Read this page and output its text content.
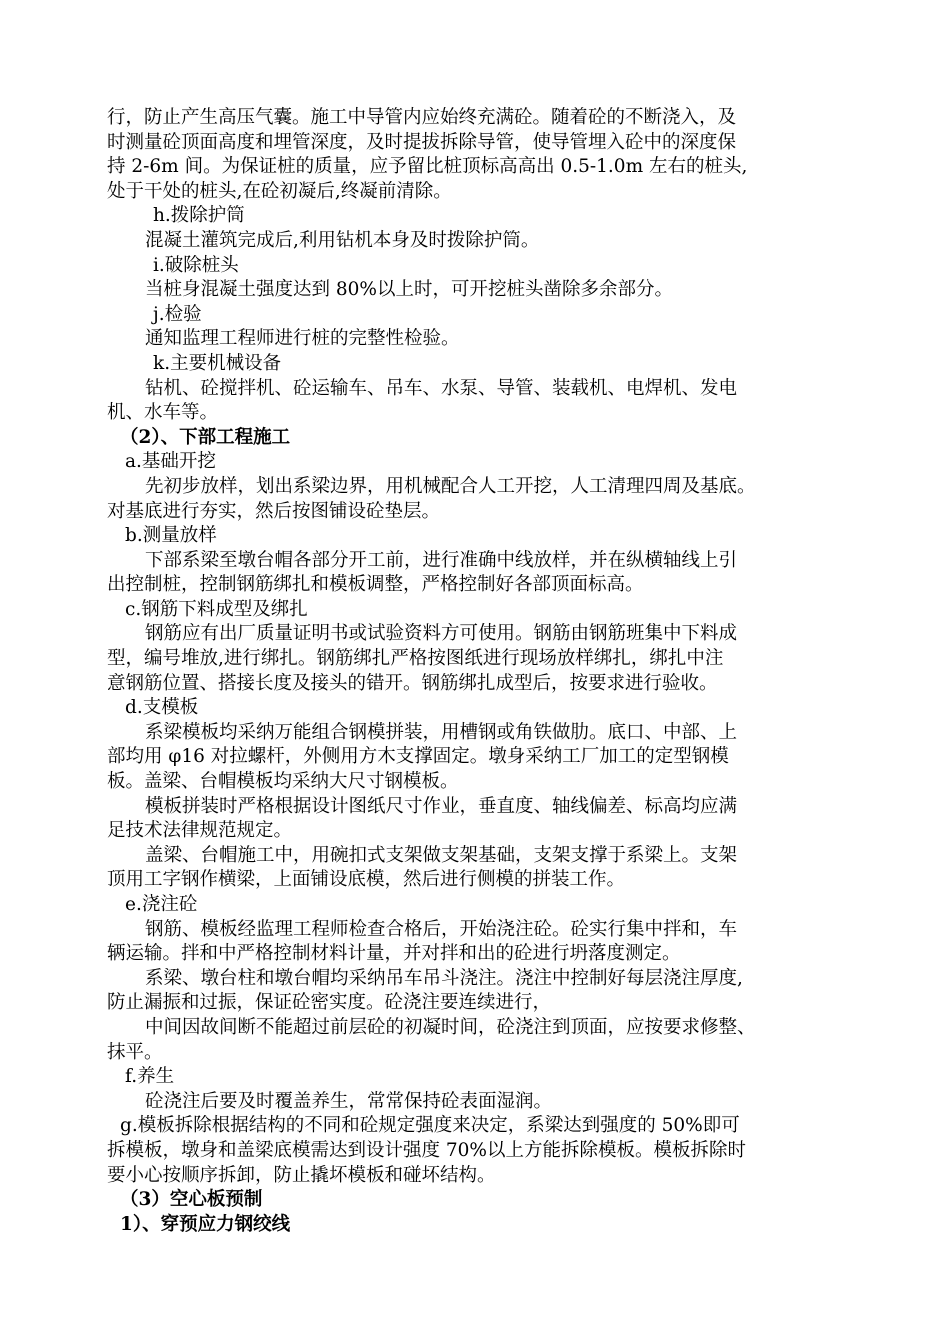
行，防止产生高压气囊。施工中导管内应始终充满砼。随着砼的不断浇入，及
时测量砼顶面高度和埋管深度，及时提拔拆除导管，使导管埋入砼中的深度保
持 2-6m 间。为保证桩的质量，应予留比桩顶标高高出 0.5-1.0m 左右的桩头,
处于干处的桩头,在砼初凝后,终凝前清除。
h.拨除护筒
混凝土灌筑完成后,利用钻机本身及时拨除护筒。
i.破除桩头
当桩身混凝土强度达到 80%以上时，可开挖桩头凿除多余部分。
j.检验
通知监理工程师进行桩的完整性检验。
k.主要机械设备
钻机、砼搅拌机、砼运输车、吊车、水泵、导管、装载机、电焊机、发电
机、水车等。
（2）、下部工程施工
a.基础开挖
先初步放样，划出系梁边界，用机械配合人工开挖，人工清理四周及基底。
对基底进行夯实，然后按图铺设砼垫层。
b.测量放样
下部系梁至墩台帽各部分开工前，进行准确中线放样，并在纵横轴线上引
出控制桩，控制钢筋绑扎和模板调整，严格控制好各部顶面标高。
c.钢筋下料成型及绑扎
钢筋应有出厂质量证明书或试验资料方可使用。钢筋由钢筋班集中下料成
型，编号堆放,进行绑扎。钢筋绑扎严格按图纸进行现场放样绑扎，绑扎中注
意钢筋位置、搭接长度及接头的错开。钢筋绑扎成型后，按要求进行验收。
d.支模板
系梁模板均采纳万能组合钢模拼装，用槽钢或角铁做肋。底口、中部、上
部均用 φ16 对拉螺杆，外侧用方木支撑固定。墩身采纳工厂加工的定型钢模
板。盖梁、台帽模板均采纳大尺寸钢模板。
模板拼装时严格根据设计图纸尺寸作业，垂直度、轴线偏差、标高均应满
足技术法律规范规定。
盖梁、台帽施工中，用碗扣式支架做支架基础，支架支撑于系梁上。支架
顶用工字钢作横梁，上面铺设底模，然后进行侧模的拼装工作。
e.浇注砼
钢筋、模板经监理工程师检查合格后，开始浇注砼。砼实行集中拌和，车
辆运输。拌和中严格控制材料计量，并对拌和出的砼进行坍落度测定。
系梁、墩台柱和墩台帽均采纳吊车吊斗浇注。浇注中控制好每层浇注厚度,
防止漏振和过振，保证砼密实度。砼浇注要连续进行，
中间因故间断不能超过前层砼的初凝时间，砼浇注到顶面，应按要求修整、
抹平。
f.养生
砼浇注后要及时覆盖养生，常常保持砼表面湿润。
g.模板拆除根据结构的不同和砼规定强度来决定，系梁达到强度的 50%即可
拆模板，墩身和盖梁底模需达到设计强度 70%以上方能拆除模板。模板拆除时
要小心按顺序拆卸，防止撬坏模板和碰坏结构。
（3）空心板预制
1）、穿预应力钢绞线
